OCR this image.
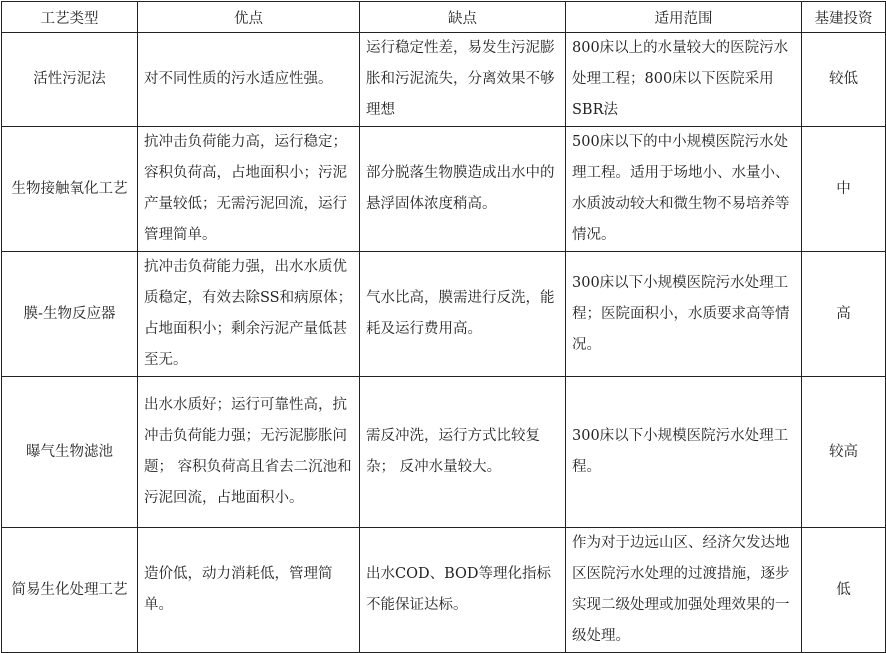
工艺类型	优点	缺点	适用范围	基建投资
活性污泥法	对不同性质的污水适应性强。	运行稳定性差，易发生污泥膨胀和污泥流失，分离效果不够理想	800床以上的水量较大的医院污水处理工程；800床以下医院采用SBR法	较低
生物接触氧化工艺	抗冲击负荷能力高，运行稳定；容积负荷高，占地面积小；污泥产量较低；无需污泥回流，运行管理简单。	部分脱落生物膜造成出水中的悬浮固体浓度稍高。	500床以下的中小规模医院污水处理工程。适用于场地小、水量小、水质波动较大和微生物不易培养等情况。	中
膜-生物反应器	抗冲击负荷能力强，出水水质优质稳定，有效去除SS和病原体；占地面积小；剩余污泥产量低甚至无。	气水比高，膜需进行反洗，能耗及运行费用高。	300床以下小规模医院污水处理工程；医院面积小，水质要求高等情况。	高
曝气生物滤池	出水水质好；运行可靠性高，抗冲击负荷能力强；无污泥膨胀问题； 容积负荷高且省去二沉池和污泥回流，占地面积小。	需反冲洗，运行方式比较复杂； 反冲水量较大。	300床以下小规模医院污水处理工程。	较高
简易生化处理工艺	造价低，动力消耗低，管理简单。	出水COD、BOD等理化指标不能保证达标。	作为对于边远山区、经济欠发达地区医院污水处理的过渡措施，逐步实现二级处理或加强处理效果的一级处理。	低
